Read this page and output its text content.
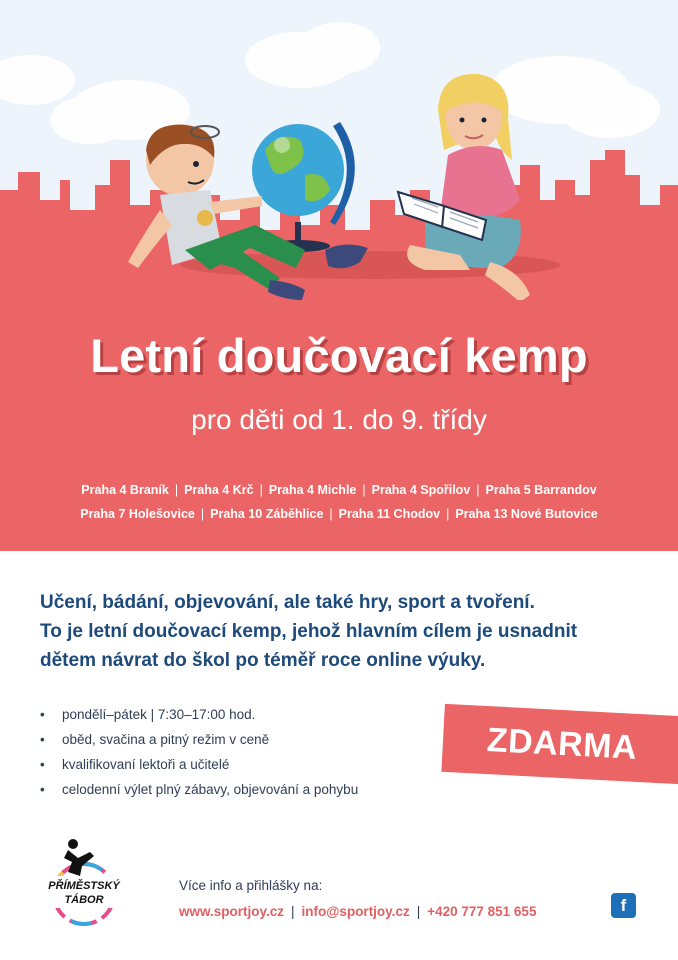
Letní doučovací kemp
pro děti od 1. do 9. třídy
Praha 4 Braník | Praha 4 Krč | Praha 4 Michle | Praha 4 Spořilov | Praha 5 Barrandov
Praha 7 Holešovice | Praha 10 Záběhlice | Praha 11 Chodov | Praha 13 Nové Butovice
Učení, bádání, objevování, ale také hry, sport a tvoření.
To je letní doučovací kemp, jehož hlavním cílem je usnadnit
dětem návrat do škol po téměř roce online výuky.
• pondělí–pátek | 7:30–17:00 hod.
• oběd, svačina a pitný režim v ceně
• kvalifikovaní lektoři a učitelé
• celodenní výlet plný zábavy, objevování a pohybu
ZDARMA
PŘÍMĚSTSKÝ
TÁBOR
Více info a přihlášky na:
www.sportjoy.cz | info@sportjoy.cz | +420 777 851 655	f
